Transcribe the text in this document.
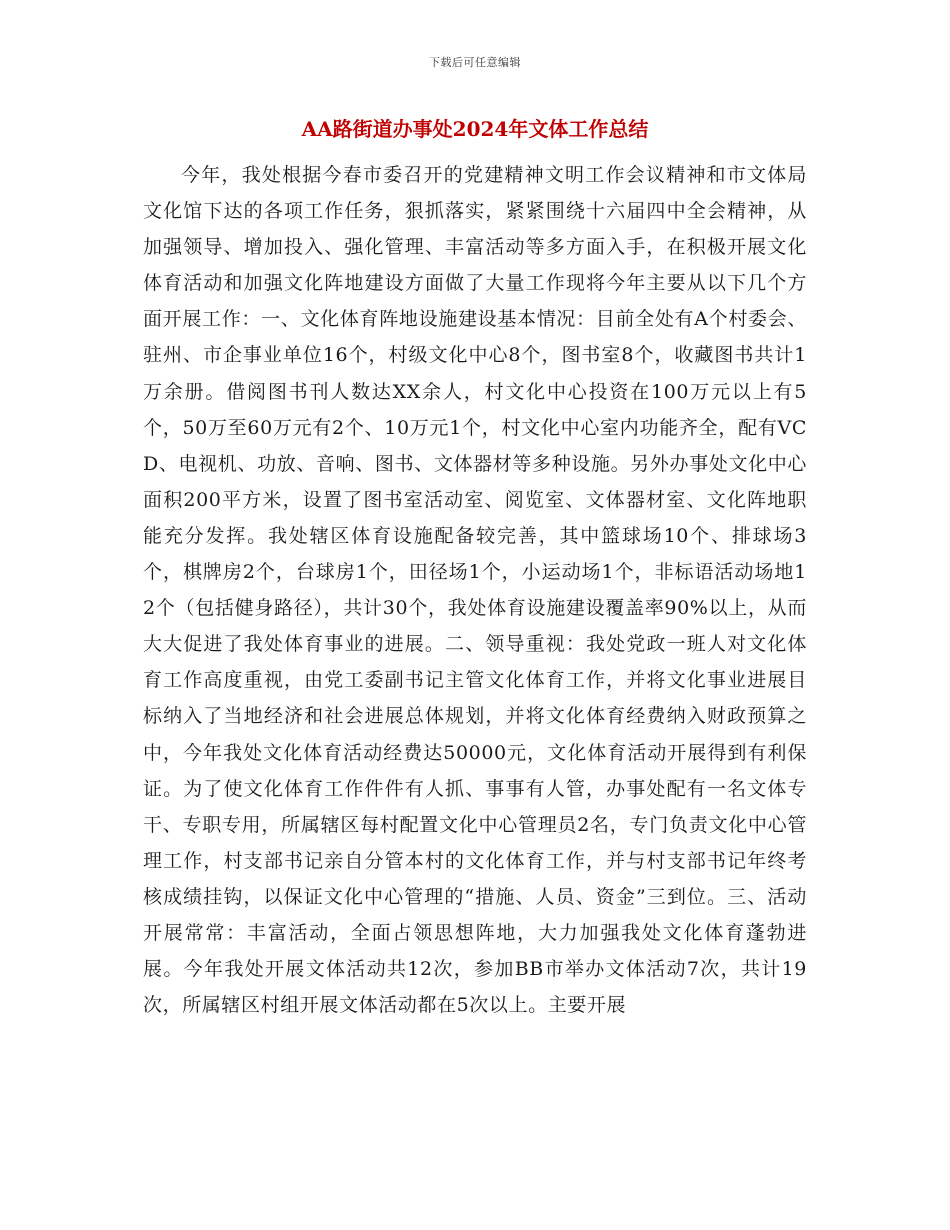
下载后可任意编辑
AA路街道办事处2024年文体工作总结

今年，我处根据今春市委召开的党建精神文明工作会议精神和市文体局文化馆下达的各项工作任务，狠抓落实，紧紧围绕十六届四中全会精神，从加强领导、增加投入、强化管理、丰富活动等多方面入手，在积极开展文化体育活动和加强文化阵地建设方面做了大量工作现将今年主要从以下几个方面开展工作：一、文化体育阵地设施建设基本情况：目前全处有A个村委会、驻州、市企事业单位16个，村级文化中心8个，图书室8个，收藏图书共计1万余册。借阅图书刊人数达XX余人，村文化中心投资在100万元以上有5个，50万至60万元有2个、10万元1个，村文化中心室内功能齐全，配有VCD、电视机、功放、音响、图书、文体器材等多种设施。另外办事处文化中心面积200平方米，设置了图书室活动室、阅览室、文体器材室、文化阵地职能充分发挥。我处辖区体育设施配备较完善，其中篮球场10个、排球场3个，棋牌房2个，台球房1个，田径场1个，小运动场1个，非标语活动场地12个（包括健身路径），共计30个，我处体育设施建设覆盖率90%以上，从而大大促进了我处体育事业的进展。二、领导重视：我处党政一班人对文化体育工作高度重视，由党工委副书记主管文化体育工作，并将文化事业进展目标纳入了当地经济和社会进展总体规划，并将文化体育经费纳入财政预算之中，今年我处文化体育活动经费达50000元，文化体育活动开展得到有利保证。为了使文化体育工作件件有人抓、事事有人管，办事处配有一名文体专干、专职专用，所属辖区每村配置文化中心管理员2名，专门负责文化中心管理工作，村支部书记亲自分管本村的文化体育工作，并与村支部书记年终考核成绩挂钩，以保证文化中心管理的“措施、人员、资金”三到位。三、活动开展常常：丰富活动，全面占领思想阵地，大力加强我处文化体育蓬勃进展。今年我处开展文体活动共12次，参加BB市举办文体活动7次，共计19次，所属辖区村组开展文体活动都在5次以上。主要开展
